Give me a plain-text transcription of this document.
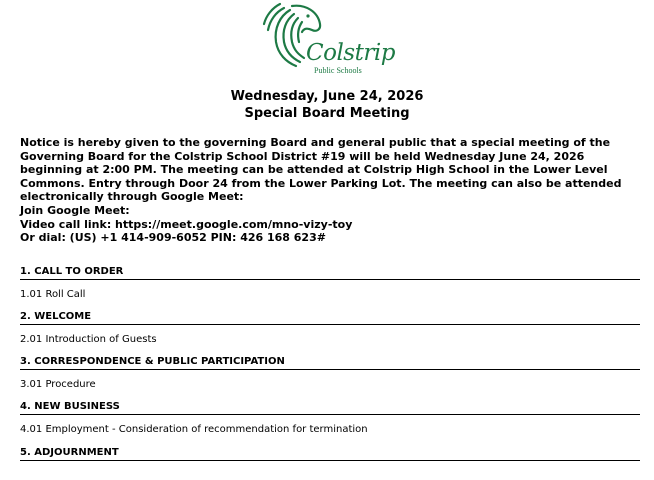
Colstrip
Public Schools
Wednesday, June 24, 2026
Special Board Meeting

Notice is hereby given to the governing Board and general public that a special meeting of the Governing Board for the Colstrip School District #19 will be held Wednesday June 24, 2026 beginning at 2:00 PM. The meeting can be attended at Colstrip High School in the Lower Level Commons. Entry through Door 24 from the Lower Parking Lot. The meeting can also be attended electronically through Google Meet:

Join Google Meet:

Video call link: https://meet.google.com/mno-vizy-toy

Or dial: (US) +1 414-909-6052 PIN: 426 168 623#

1. CALL TO ORDER
1.01 Roll Call
2. WELCOME
2.01 Introduction of Guests
3. CORRESPONDENCE & PUBLIC PARTICIPATION
3.01 Procedure
4. NEW BUSINESS
4.01 Employment - Consideration of recommendation for termination
5. ADJOURNMENT
